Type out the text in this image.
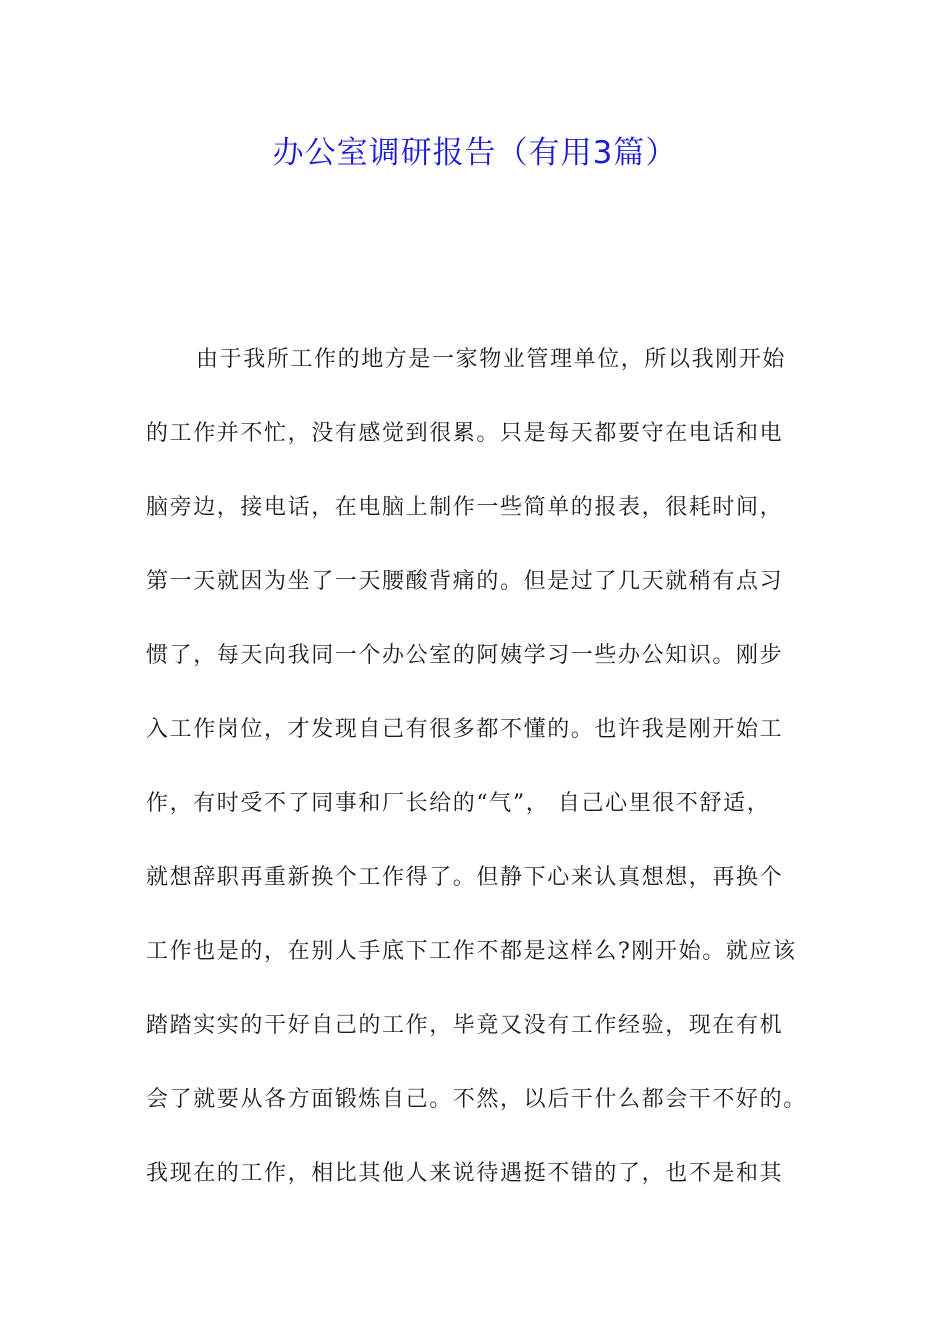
办公室调研报告（有用3篇）
由于我所工作的地方是一家物业管理单位，所以我刚开始
的工作并不忙，没有感觉到很累。只是每天都要守在电话和电
脑旁边，接电话，在电脑上制作一些简单的报表，很耗时间，
第一天就因为坐了一天腰酸背痛的。但是过了几天就稍有点习
惯了，每天向我同一个办公室的阿姨学习一些办公知识。刚步
入工作岗位，才发现自己有很多都不懂的。也许我是刚开始工
作，有时受不了同事和厂长给的“气”， 自己心里很不舒适，
就想辞职再重新换个工作得了。但静下心来认真想想，再换个
工作也是的，在别人手底下工作不都是这样么?刚开始。就应该
踏踏实实的干好自己的工作，毕竟又没有工作经验，现在有机
会了就要从各方面锻炼自己。不然，以后干什么都会干不好的。
我现在的工作，相比其他人来说待遇挺不错的了，也不是和其
